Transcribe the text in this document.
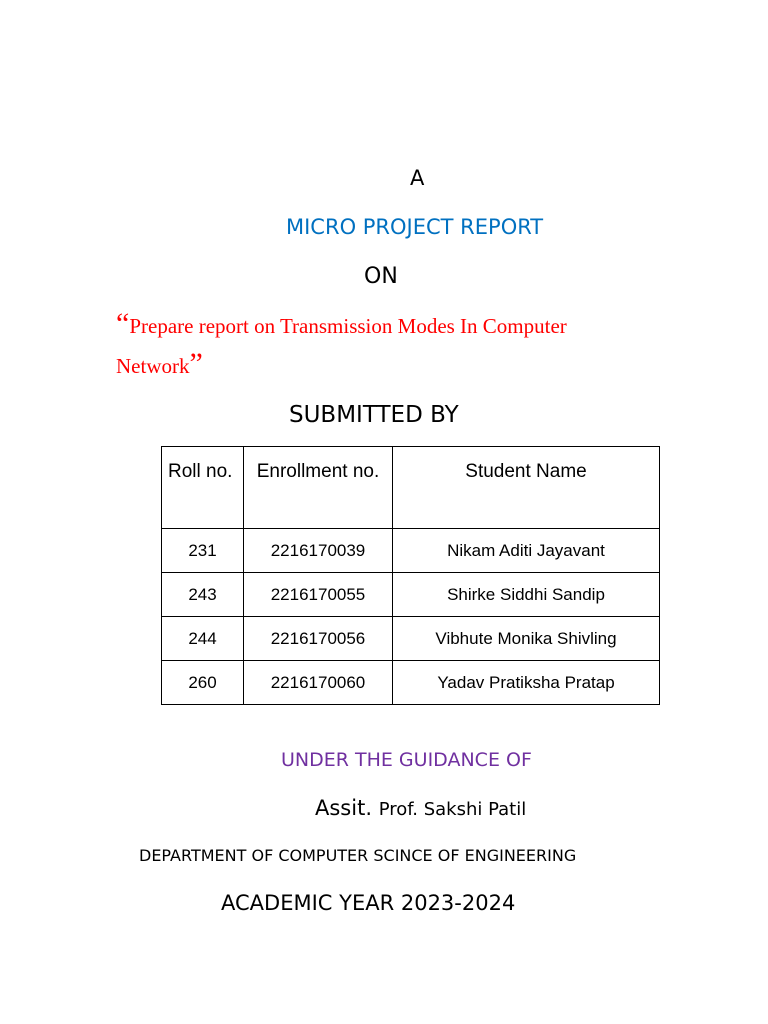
A
MICRO PROJECT REPORT
ON
“Prepare report on Transmission Modes In Computer Network”
SUBMITTED BY
Roll no.	Enrollment no.	Student Name
231	2216170039	Nikam Aditi Jayavant
243	2216170055	Shirke Siddhi Sandip
244	2216170056	Vibhute Monika Shivling
260	2216170060	Yadav Pratiksha Pratap
UNDER THE GUIDANCE OF
Assit. Prof. Sakshi Patil
DEPARTMENT OF COMPUTER SCINCE OF ENGINEERING
ACADEMIC YEAR 2023-2024
